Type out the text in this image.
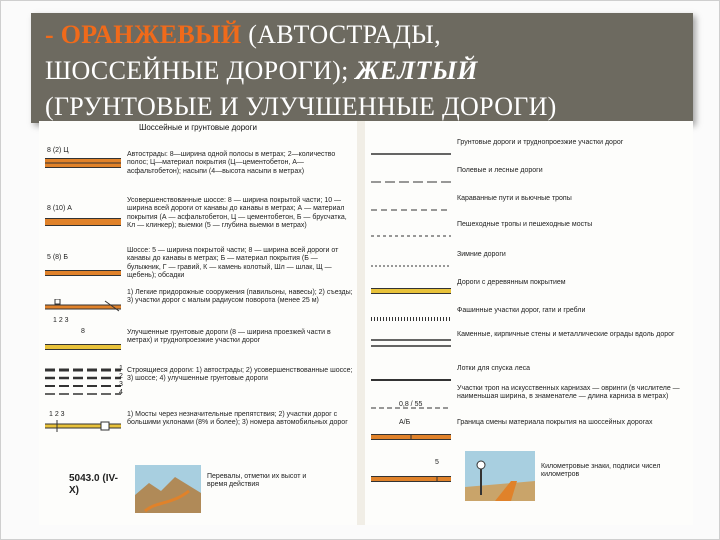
- ОРАНЖЕВЫЙ (АВТОСТРАДЫ,
ШОССЕЙНЫЕ ДОРОГИ); ЖЕЛТЫЙ
(ГРУНТОВЫЕ И УЛУЧШЕННЫЕ ДОРОГИ)
Шоссейные и грунтовые дороги
8 (2) Ц
Автострады: 8—ширина одной полосы в метрах; 2—количество полос; Ц—материал покрытия (Ц—цементобетон, А—асфальтобетон); насыпи (4—высота насыпи в метрах)
8 (10) А
Усовершенствованные шоссе: 8 — ширина покрытой части; 10 — ширина всей дороги от канавы до канавы в метрах; А — материал покрытия (А — асфальтобетон, Ц — цементобетон, Б — брусчатка, Кл — клинкер); выемки (5 — глубина выемки в метрах)
5 (8) Б
Шоссе: 5 — ширина покрытой части; 8 — ширина всей дороги от канавы до канавы в метрах; Б — материал покрытия (Б — булыжник, Г — гравий, К — камень колотый, Шл — шлак, Щ — щебень); обсадки
1 2 3
1) Легкие придорожные сооружения (павильоны, навесы); 2) съезды; 3) участки дорог с малым радиусом поворота (менее 25 м)
8	Улучшенные грунтовые дороги (8 — ширина проезжей части в метрах) и труднопроезжие участки дорог
1 2 3 4
Строящиеся дороги: 1) автострады; 2) усовершенствованные шоссе; 3) шоссе; 4) улучшенные грунтовые дороги
1 2 3	1) Мосты через незначительные препятствия; 2) участки дорог с большими уклонами (8% и более); 3) номера автомобильных дорог
5043.0 (IV-X)
Перевалы, отметки их высот и время действия
Грунтовые дороги и труднопроезжие участки дорог
Полевые и лесные дороги
Караванные пути и вьючные тропы
Пешеходные тропы и пешеходные мосты
Зимние дороги
Дороги с деревянным покрытием
Фашинные участки дорог, гати и гребли
Каменные, кирпичные стены и металлические ограды вдоль дорог
Лотки для спуска леса
0,8 / 55
Участки троп на искусственных карнизах — овринги (в числителе — наименьшая ширина, в знаменателе — длина карниза в метрах)
А/Б	Граница смены материала покрытия на шоссейных дорогах
5
Километровые знаки, подписи чисел километров
